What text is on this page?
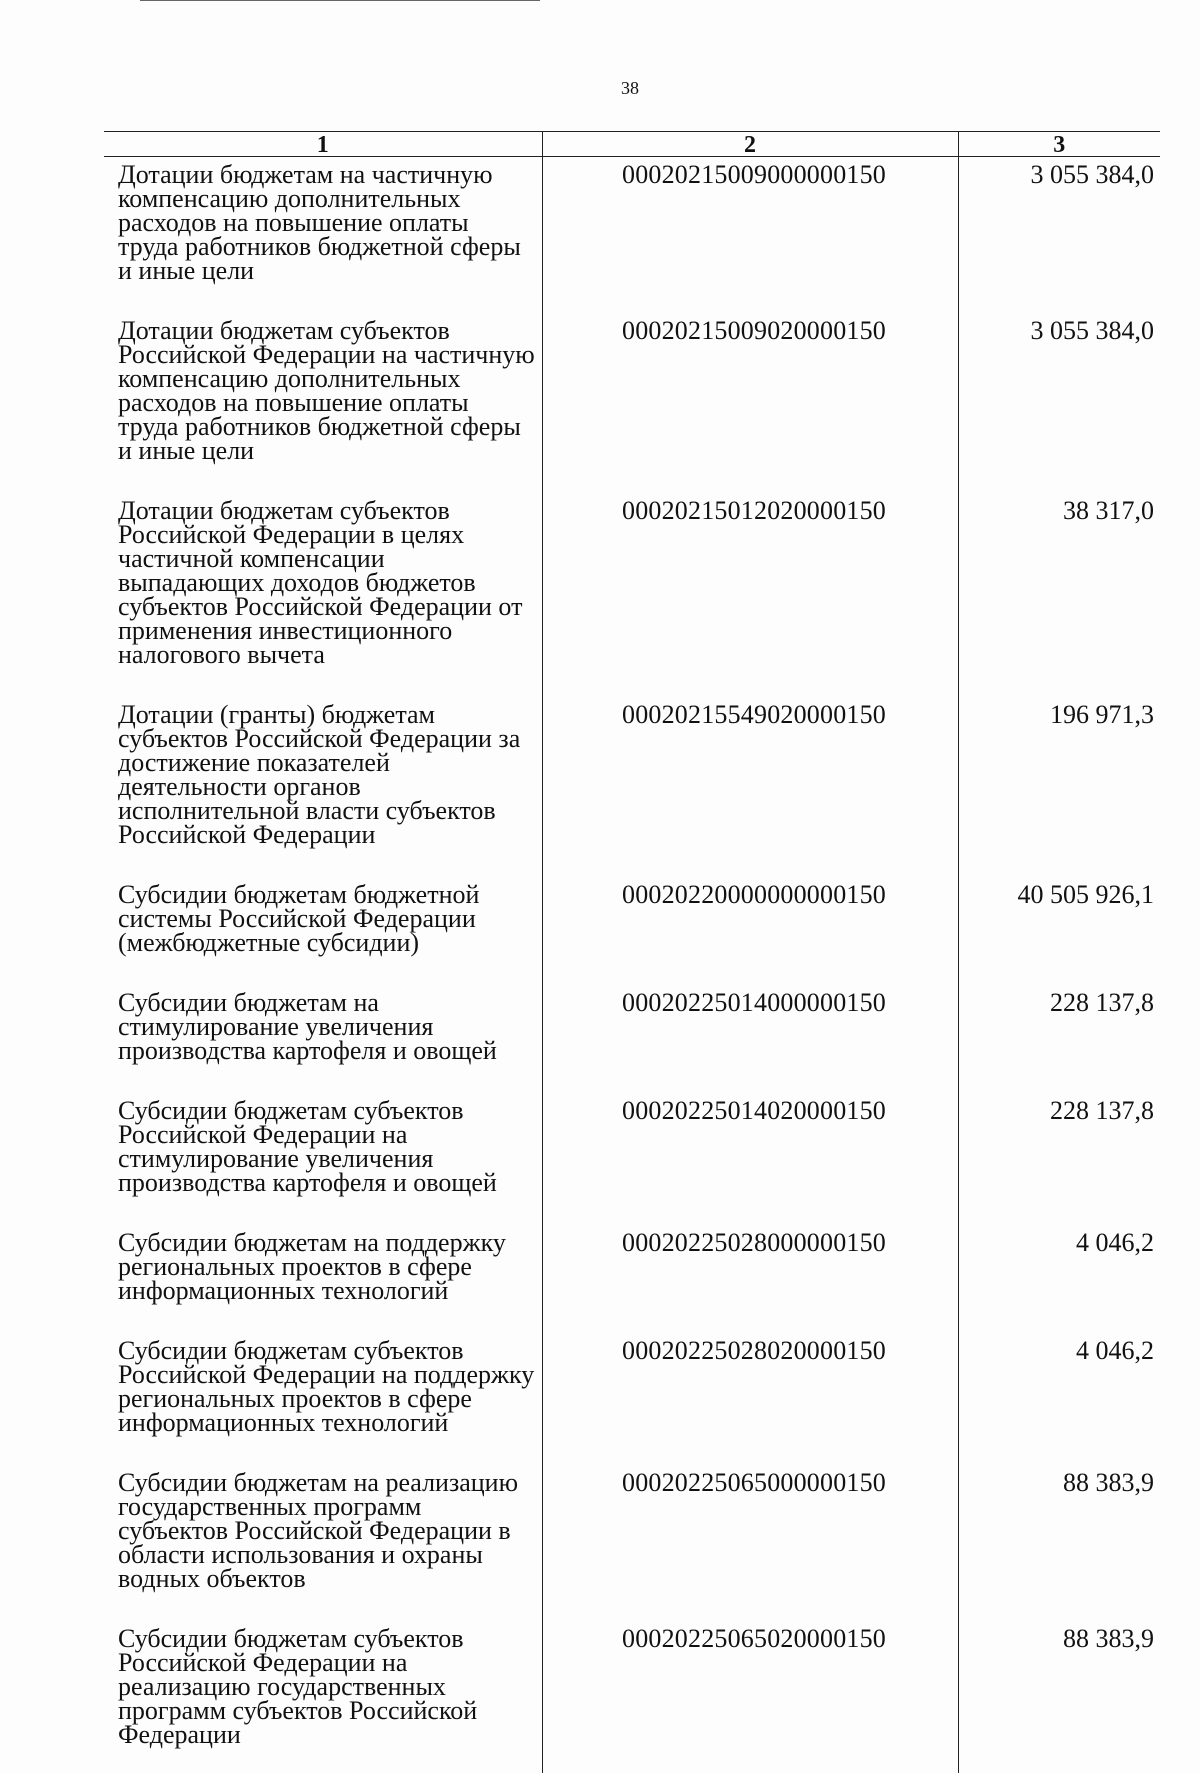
38
1	2	3
Дотации бюджетам на частичную компенсацию дополнительных расходов на повышение оплаты труда работников бюджетной сферы и иные цели	00020215009000000150	3 055 384,0
Дотации бюджетам субъектов Российской Федерации на частичную компенсацию дополнительных расходов на повышение оплаты труда работников бюджетной сферы и иные цели	00020215009020000150	3 055 384,0
Дотации бюджетам субъектов Российской Федерации в целях частичной компенсации выпадающих доходов бюджетов субъектов Российской Федерации от применения инвестиционного налогового вычета	00020215012020000150	38 317,0
Дотации (гранты) бюджетам субъектов Российской Федерации за достижение показателей деятельности органов исполнительной власти субъектов Российской Федерации	00020215549020000150	196 971,3
Субсидии бюджетам бюджетной системы Российской Федерации (межбюджетные субсидии)	00020220000000000150	40 505 926,1
Субсидии бюджетам на стимулирование увеличения производства картофеля и овощей	00020225014000000150	228 137,8
Субсидии бюджетам субъектов Российской Федерации на стимулирование увеличения производства картофеля и овощей	00020225014020000150	228 137,8
Субсидии бюджетам на поддержку региональных проектов в сфере информационных технологий	00020225028000000150	4 046,2
Субсидии бюджетам субъектов Российской Федерации на поддержку региональных проектов в сфере информационных технологий	00020225028020000150	4 046,2
Субсидии бюджетам на реализацию государственных программ субъектов Российской Федерации в области использования и охраны водных объектов	00020225065000000150	88 383,9
Субсидии бюджетам субъектов Российской Федерации на реализацию государственных программ субъектов Российской Федерации	00020225065020000150	88 383,9
